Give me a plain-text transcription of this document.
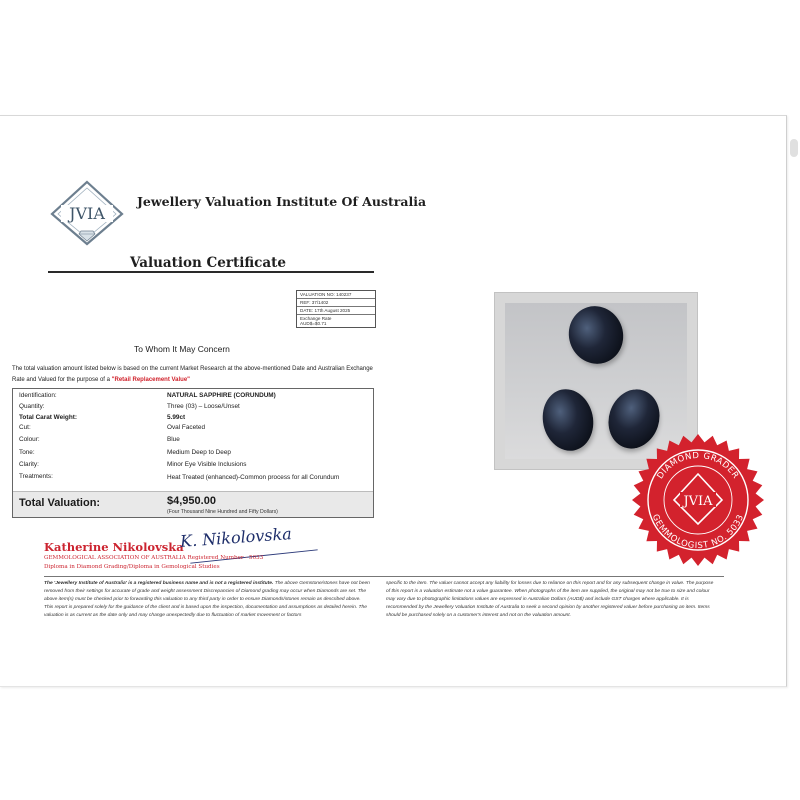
JVIA
Jewellery Valuation Institute Of Australia
Valuation Certificate
VALUATION NO: 140237
REF: 37/1402
DATE: 17th August 2025
Exchange Rate
AUD$=$0.71
To Whom It May Concern
The total valuation amount listed below is based on the current Market Research at the above-mentioned Date and Australian Exchange Rate and Valued for the purpose of a "Retail Replacement Value"
Identification:	NATURAL SAPPHIRE (CORUNDUM)
Quantity:	Three (03) – Loose/Unset
Total Carat Weight:	5.99ct
Cut:	Oval Faceted
Colour:	Blue
Tone:	Medium Deep to Deep
Clarity:	Minor Eye Visible Inclusions
Treatments:	Heat Treated (enhanced)-Common process for all Corundum
Total Valuation:	$4,950.00
(Four Thousand Nine Hundred and Fifty Dollars)
Katherine Nikolovska
K. Nikolovska
GEMMOLOGICAL ASSOCIATION OF AUSTRALIA Registered Number - 5033
Diploma in Diamond Grading/Diploma in Gemological Studies
The 'Jewellery Institute of Australia' is a registered business name and is not a registered institute. The above Gemstone/stones have not been removed from their settings for accurate of grade and weight assessment Discrepancies of Diamond grading may occur when Diamonds are set. The above item(s) must be checked prior to forwarding this valuation to any third party in order to ensure Diamonds/stones remain as described above. This report is prepared solely for the guidance of the client and is based upon the inspection, documentation and assumptions as detailed herein. The valuation is as current as the date only and may change unexpectedly due to fluctuation of market movement or factors
specific to the item. The valuer cannot accept any liability for losses due to reliance on this report and for any subsequent change in value. The purpose of this report is a valuation estimate not a value guarantee. When photographs of the item are supplied, the original may not be true to size and colour may vary due to photographic limitations values are expressed in Australian Dollars (AUD$) and include GST charges where applicable. It is recommended by the Jewellery Valuation Institute of Australia to seek a second opinion by another registered valuer before purchasing an item. Items should be purchased solely on a customer's interest and not on the valuation amount.
DIAMOND GRADER
GEMMOLOGIST NO. 5033
JVIA
